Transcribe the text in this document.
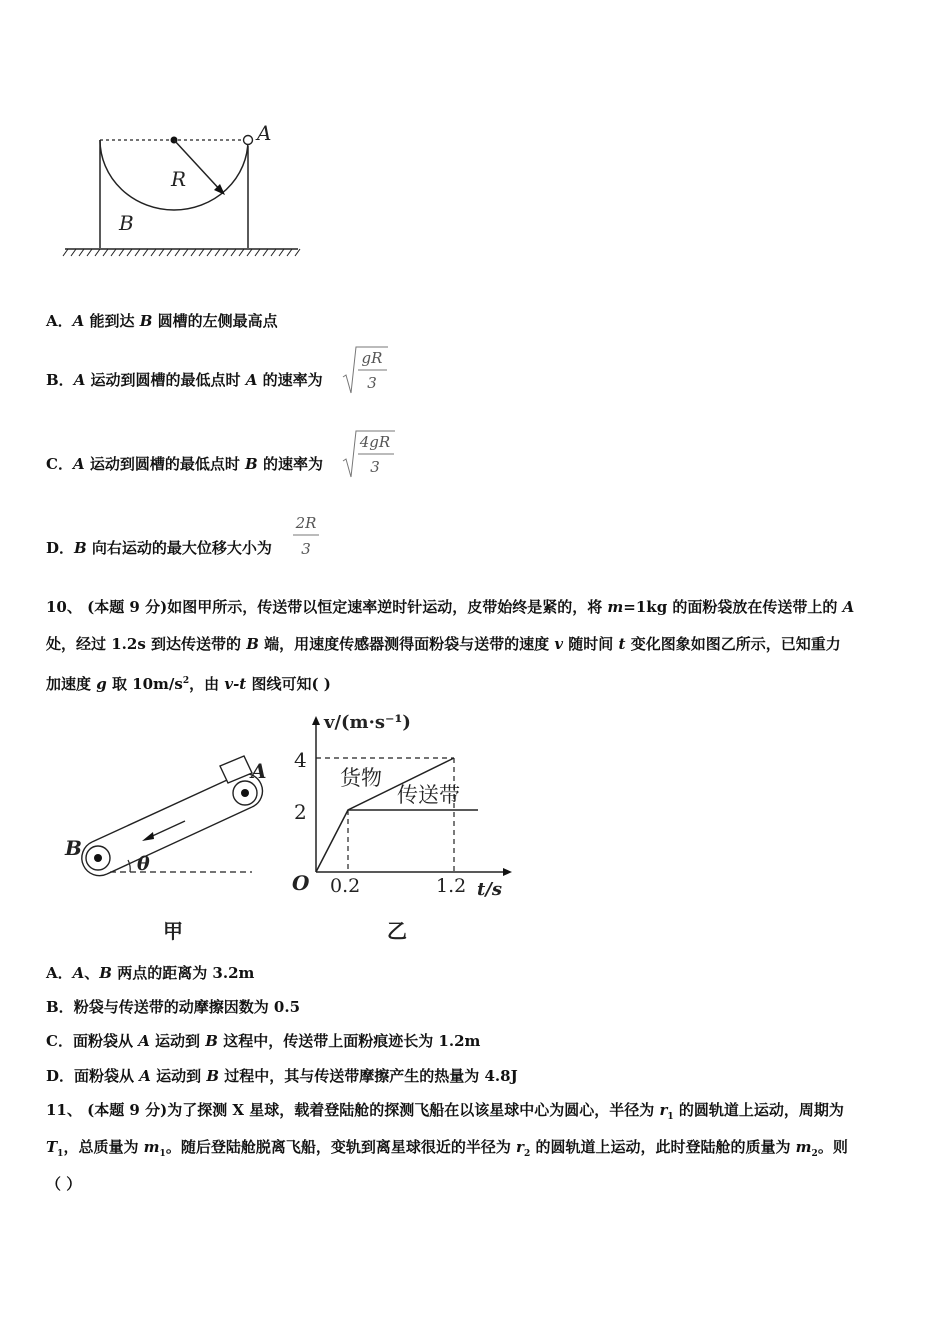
A
R
B
A．A 能到达 B 圆槽的左侧最高点
B．A 运动到圆槽的最低点时 A 的速率为
gR
3
C．A 运动到圆槽的最低点时 B 的速率为
4gR
3
D．B 向右运动的最大位移大小为
2R
3
10、 (本题 9 分)如图甲所示，传送带以恒定速率逆时针运动，皮带始终是紧的，将 m=1kg 的面粉袋放在传送带上的 A
处，经过 1.2s 到达传送带的 B 端，用速度传感器测得面粉袋与送带的速度 v 随时间 t 变化图象如图乙所示，已知重力
加速度 g 取 $10m/s^2$，由 v-t 图线可知( )
A
B
θ
甲
v/(m·s⁻¹)
t/s
O
4
2
0.2	1.2
货物
传送带
乙
A．A、B 两点的距离为 3.2m
B．粉袋与传送带的动摩擦因数为 0.5
C．面粉袋从 A 运动到 B 这程中，传送带上面粉痕迹长为 1.2m
D．面粉袋从 A 运动到 B 过程中，其与传送带摩擦产生的热量为 4.8J
11、 (本题 9 分)为了探测 X 星球，载着登陆舱的探测飞船在以该星球中心为圆心，半径为 $r_1$ 的圆轨道上运动，周期为
$T_1$，总质量为 $m_1$。随后登陆舱脱离飞船，变轨到离星球很近的半径为 $r_2$ 的圆轨道上运动，此时登陆舱的质量为 $m_2$。则
（ ）
